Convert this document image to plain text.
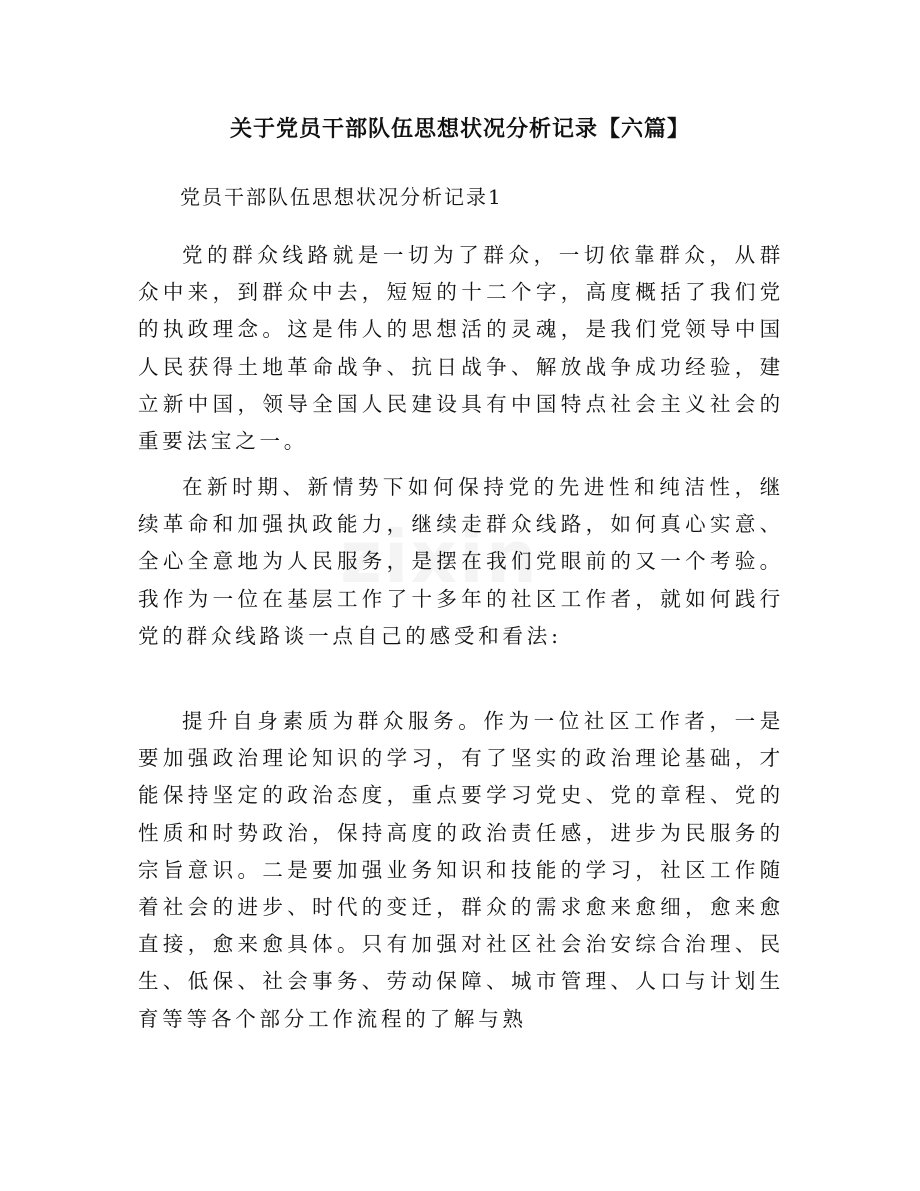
关于党员干部队伍思想状况分析记录【六篇】

党员干部队伍思想状况分析记录1

党的群众线路就是一切为了群众，一切依靠群众，从群众中来，到群众中去，短短的十二个字，高度概括了我们党的执政理念。这是伟人的思想活的灵魂，是我们党领导中国人民获得土地革命战争、抗日战争、解放战争成功经验，建立新中国，领导全国人民建设具有中国特点社会主义社会的重要法宝之一。

在新时期、新情势下如何保持党的先进性和纯洁性，继续革命和加强执政能力，继续走群众线路，如何真心实意、全心全意地为人民服务，是摆在我们党眼前的又一个考验。我作为一位在基层工作了十多年的社区工作者，就如何践行党的群众线路谈一点自己的感受和看法:

提升自身素质为群众服务。作为一位社区工作者，一是要加强政治理论知识的学习，有了坚实的政治理论基础，才能保持坚定的政治态度，重点要学习党史、党的章程、党的性质和时势政治，保持高度的政治责任感，进步为民服务的宗旨意识。二是要加强业务知识和技能的学习，社区工作随着社会的进步、时代的变迁，群众的需求愈来愈细，愈来愈直接，愈来愈具体。只有加强对社区社会治安综合治理、民生、低保、社会事务、劳动保障、城市管理、人口与计划生育等等各个部分工作流程的了解与熟
